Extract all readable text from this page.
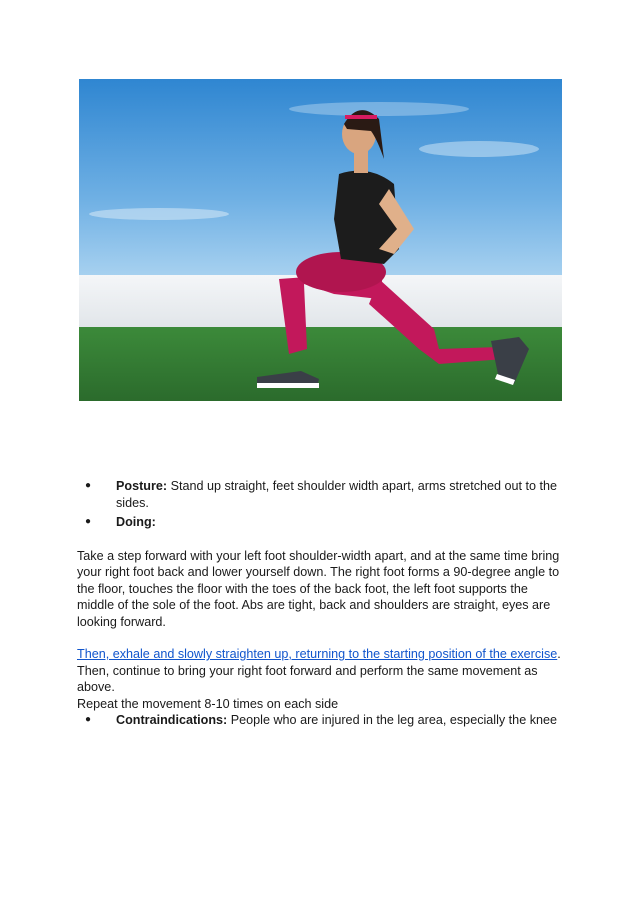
● Posture: Stand up straight, feet shoulder width apart, arms stretched out to the sides.
● Doing:

Take a step forward with your left foot shoulder-width apart, and at the same time bring your right foot back and lower yourself down. The right foot forms a 90-degree angle to the floor, touches the floor with the toes of the back foot, the left foot supports the middle of the sole of the foot. Abs are tight, back and shoulders are straight, eyes are looking forward.

Then, exhale and slowly straighten up, returning to the starting position of the exercise.
Then, continue to bring your right foot forward and perform the same movement as above.
Repeat the movement 8-10 times on each side

● Contraindications: People who are injured in the leg area, especially the knee
